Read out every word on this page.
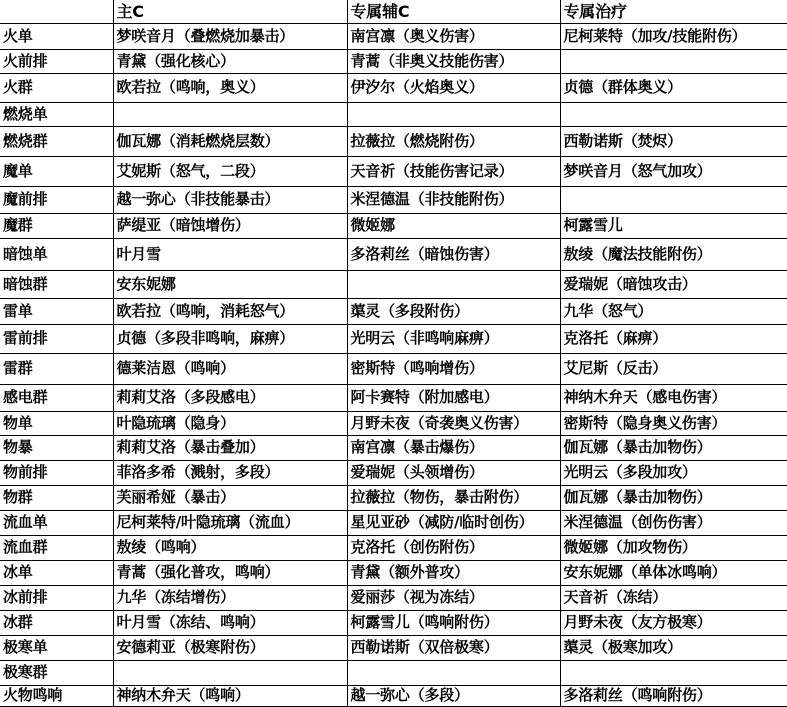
	主C	专属辅C	专属治疗
火单	梦咲音月（叠燃烧加暴击）	南宫凛（奥义伤害）	尼柯莱特（加攻/技能附伤）
火前排	青黛（强化核心）	青蒿（非奥义技能伤害）	
火群	欧若拉（鸣响，奥义）	伊汐尔（火焰奥义）	贞德（群体奥义）
燃烧单			
燃烧群	伽瓦娜（消耗燃烧层数）	拉薇拉（燃烧附伤）	西勒诺斯（焚烬）
魔单	艾妮斯（怒气，二段）	天音祈（技能伤害记录）	梦咲音月（怒气加攻）
魔前排	越一弥心（非技能暴击）	米涅德温（非技能附伤）	
魔群	萨缇亚（暗蚀增伤）	微姬娜	柯露雪儿
暗蚀单	叶月雪	多洛莉丝（暗蚀伤害）	敖绫（魔法技能附伤）
暗蚀群	安东妮娜		爱瑞妮（暗蚀攻击）
雷单	欧若拉（鸣响，消耗怒气）	蕖灵（多段附伤）	九华（怒气）
雷前排	贞德（多段非鸣响，麻痹）	光明云（非鸣响麻痹）	克洛托（麻痹）
雷群	德莱洁恩（鸣响）	密斯特（鸣响增伤）	艾尼斯（反击）
感电群	莉莉艾洛（多段感电）	阿卡赛特（附加感电）	神纳木弁天（感电伤害）
物单	叶隐琉璃（隐身）	月野未夜（奇袭奥义伤害）	密斯特（隐身奥义伤害）
物暴	莉莉艾洛（暴击叠加）	南宫凛（暴击爆伤）	伽瓦娜（暴击加物伤）
物前排	菲洛多希（溅射，多段）	爱瑞妮（头领增伤）	光明云（多段加攻）
物群	芙丽希娅（暴击）	拉薇拉（物伤，暴击附伤）	伽瓦娜（暴击加物伤）
流血单	尼柯莱特/叶隐琉璃（流血）	星见亚砂（减防/临时创伤）	米涅德温（创伤伤害）
流血群	敖绫（鸣响）	克洛托（创伤附伤）	微姬娜（加攻物伤）
冰单	青蒿（强化普攻，鸣响）	青黛（额外普攻）	安东妮娜（单体冰鸣响）
冰前排	九华（冻结增伤）	爱丽莎（视为冻结）	天音祈（冻结）
冰群	叶月雪（冻结、鸣响）	柯露雪儿（鸣响附伤）	月野未夜（友方极寒）
极寒单	安德莉亚（极寒附伤）	西勒诺斯（双倍极寒）	蕖灵（极寒加攻）
极寒群			
火物鸣响	神纳木弁天（鸣响）	越一弥心（多段）	多洛莉丝（鸣响附伤）
